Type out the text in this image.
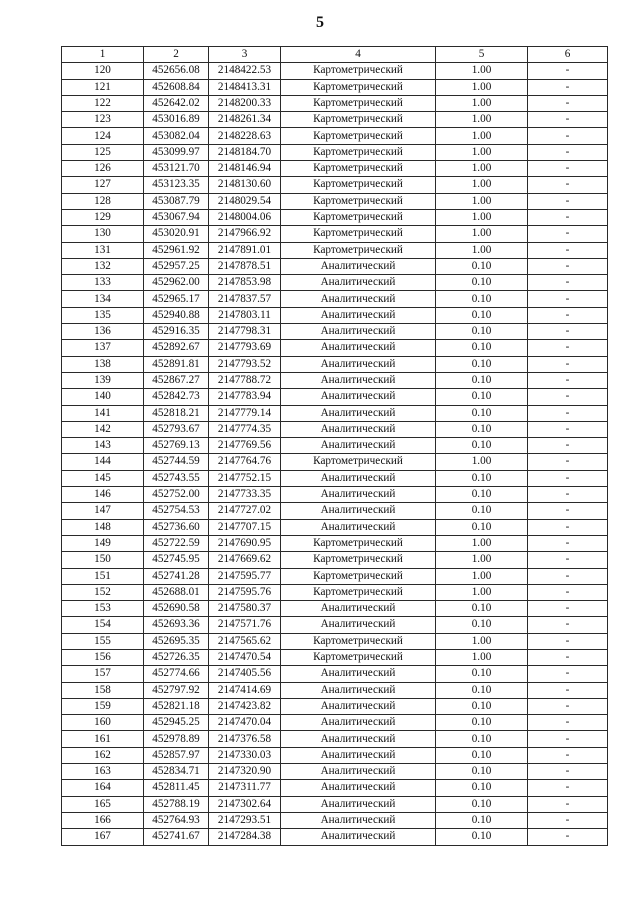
5
1	2	3	4	5	6
120	452656.08	2148422.53	Картометрический	1.00	-
121	452608.84	2148413.31	Картометрический	1.00	-
122	452642.02	2148200.33	Картометрический	1.00	-
123	453016.89	2148261.34	Картометрический	1.00	-
124	453082.04	2148228.63	Картометрический	1.00	-
125	453099.97	2148184.70	Картометрический	1.00	-
126	453121.70	2148146.94	Картометрический	1.00	-
127	453123.35	2148130.60	Картометрический	1.00	-
128	453087.79	2148029.54	Картометрический	1.00	-
129	453067.94	2148004.06	Картометрический	1.00	-
130	453020.91	2147966.92	Картометрический	1.00	-
131	452961.92	2147891.01	Картометрический	1.00	-
132	452957.25	2147878.51	Аналитический	0.10	-
133	452962.00	2147853.98	Аналитический	0.10	-
134	452965.17	2147837.57	Аналитический	0.10	-
135	452940.88	2147803.11	Аналитический	0.10	-
136	452916.35	2147798.31	Аналитический	0.10	-
137	452892.67	2147793.69	Аналитический	0.10	-
138	452891.81	2147793.52	Аналитический	0.10	-
139	452867.27	2147788.72	Аналитический	0.10	-
140	452842.73	2147783.94	Аналитический	0.10	-
141	452818.21	2147779.14	Аналитический	0.10	-
142	452793.67	2147774.35	Аналитический	0.10	-
143	452769.13	2147769.56	Аналитический	0.10	-
144	452744.59	2147764.76	Картометрический	1.00	-
145	452743.55	2147752.15	Аналитический	0.10	-
146	452752.00	2147733.35	Аналитический	0.10	-
147	452754.53	2147727.02	Аналитический	0.10	-
148	452736.60	2147707.15	Аналитический	0.10	-
149	452722.59	2147690.95	Картометрический	1.00	-
150	452745.95	2147669.62	Картометрический	1.00	-
151	452741.28	2147595.77	Картометрический	1.00	-
152	452688.01	2147595.76	Картометрический	1.00	-
153	452690.58	2147580.37	Аналитический	0.10	-
154	452693.36	2147571.76	Аналитический	0.10	-
155	452695.35	2147565.62	Картометрический	1.00	-
156	452726.35	2147470.54	Картометрический	1.00	-
157	452774.66	2147405.56	Аналитический	0.10	-
158	452797.92	2147414.69	Аналитический	0.10	-
159	452821.18	2147423.82	Аналитический	0.10	-
160	452945.25	2147470.04	Аналитический	0.10	-
161	452978.89	2147376.58	Аналитический	0.10	-
162	452857.97	2147330.03	Аналитический	0.10	-
163	452834.71	2147320.90	Аналитический	0.10	-
164	452811.45	2147311.77	Аналитический	0.10	-
165	452788.19	2147302.64	Аналитический	0.10	-
166	452764.93	2147293.51	Аналитический	0.10	-
167	452741.67	2147284.38	Аналитический	0.10	-
